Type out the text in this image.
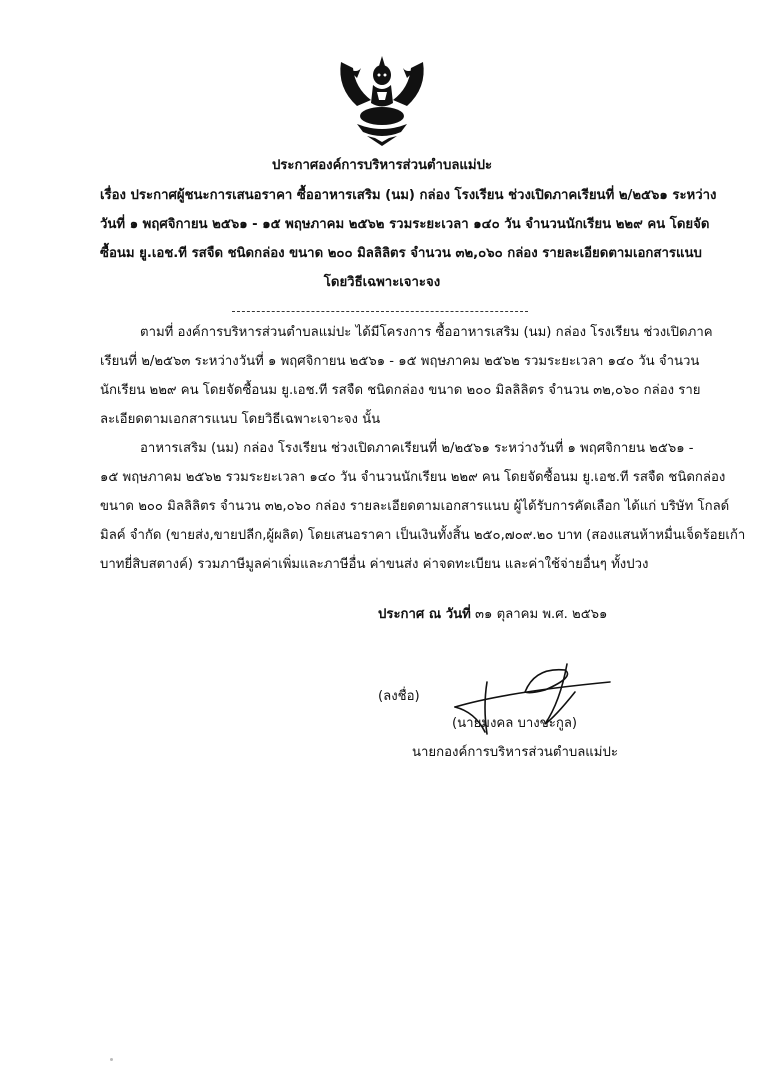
ประกาศองค์การบริหารส่วนตำบลแม่ปะ
เรื่อง ประกาศผู้ชนะการเสนอราคา ซื้ออาหารเสริม (นม) กล่อง โรงเรียน ช่วงเปิดภาคเรียนที่ ๒/๒๕๖๑ ระหว่าง
วันที่ ๑ พฤศจิกายน ๒๕๖๑ - ๑๕ พฤษภาคม ๒๕๖๒ รวมระยะเวลา ๑๔๐ วัน จำนวนนักเรียน ๒๒๙ คน โดยจัด
ซื้อนม ยู.เอช.ที รสจืด ชนิดกล่อง ขนาด ๒๐๐ มิลลิลิตร จำนวน ๓๒,๐๖๐ กล่อง รายละเอียดตามเอกสารแนบ
โดยวิธีเฉพาะเจาะจง
ตามที่ องค์การบริหารส่วนตำบลแม่ปะ ได้มีโครงการ ซื้ออาหารเสริม (นม) กล่อง โรงเรียน ช่วงเปิดภาค
เรียนที่ ๒/๒๕๖๓ ระหว่างวันที่ ๑ พฤศจิกายน ๒๕๖๑ - ๑๕ พฤษภาคม ๒๕๖๒ รวมระยะเวลา ๑๔๐ วัน จำนวน
นักเรียน ๒๒๙ คน โดยจัดซื้อนม ยู.เอช.ที รสจืด ชนิดกล่อง ขนาด ๒๐๐ มิลลิลิตร จำนวน ๓๒,๐๖๐ กล่อง ราย
ละเอียดตามเอกสารแนบ โดยวิธีเฉพาะเจาะจง นั้น
อาหารเสริม (นม) กล่อง โรงเรียน ช่วงเปิดภาคเรียนที่ ๒/๒๕๖๑ ระหว่างวันที่ ๑ พฤศจิกายน ๒๕๖๑ -
๑๕ พฤษภาคม ๒๕๖๒ รวมระยะเวลา ๑๔๐ วัน จำนวนนักเรียน ๒๒๙ คน โดยจัดซื้อนม ยู.เอช.ที รสจืด ชนิดกล่อง
ขนาด ๒๐๐ มิลลิลิตร จำนวน ๓๒,๐๖๐ กล่อง รายละเอียดตามเอกสารแนบ ผู้ได้รับการคัดเลือก ได้แก่ บริษัท โกลด์
มิลค์ จำกัด (ขายส่ง,ขายปลีก,ผู้ผลิต) โดยเสนอราคา เป็นเงินทั้งสิ้น ๒๕๐,๗๐๙.๒๐ บาท (สองแสนห้าหมื่นเจ็ดร้อยเก้า
บาทยี่สิบสตางค์) รวมภาษีมูลค่าเพิ่มและภาษีอื่น ค่าขนส่ง ค่าจดทะเบียน และค่าใช้จ่ายอื่นๆ ทั้งปวง
ประกาศ ณ วันที่ ๓๑ ตุลาคม พ.ศ. ๒๕๖๑
(ลงชื่อ)
(นายมงคล บางขะกูล)
นายกองค์การบริหารส่วนตำบลแม่ปะ
